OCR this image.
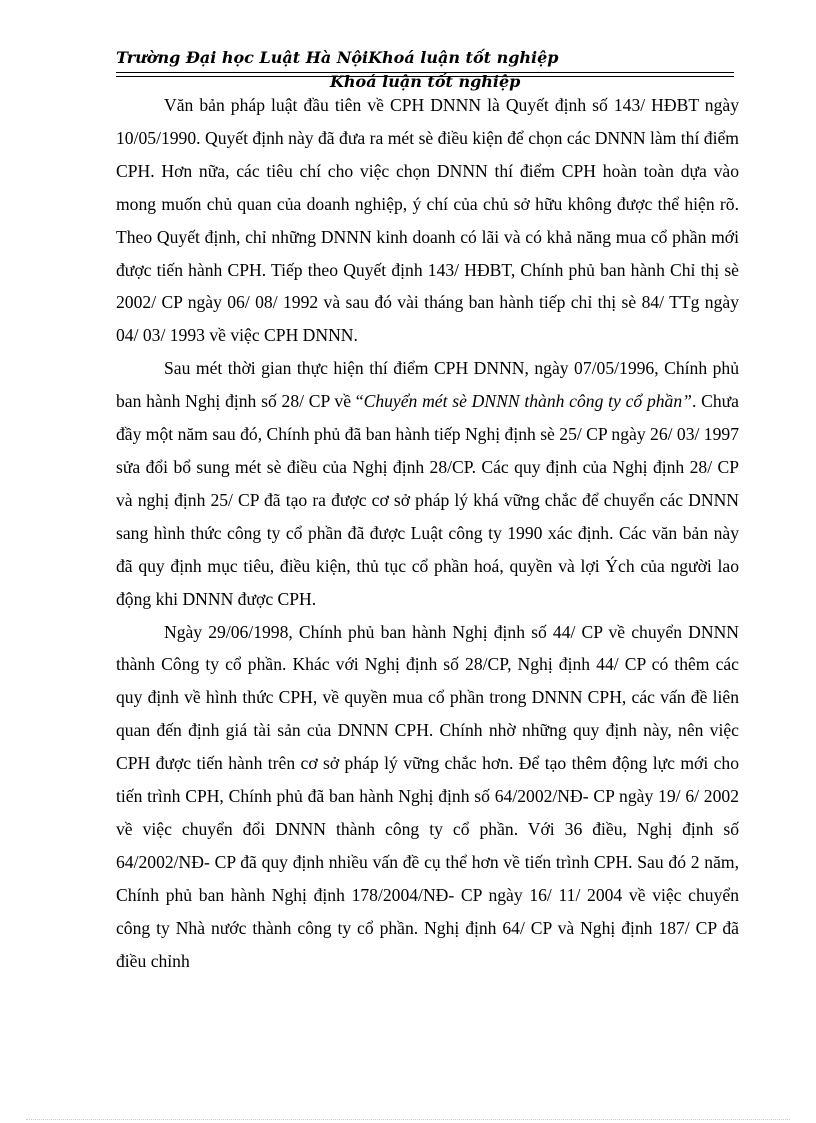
Trường Đại học Luật Hà NộiKhoá luận tốt nghiệp
Khoá luận tốt nghiệp

Văn bản pháp luật đầu tiên về CPH DNNN là Quyết định số 143/ HĐBT ngày 10/05/1990. Quyết định này đã đưa ra mét sè điều kiện để chọn các DNNN làm thí điểm CPH. Hơn nữa, các tiêu chí cho việc chọn DNNN thí điểm CPH hoàn toàn dựa vào mong muốn chủ quan của doanh nghiệp, ý chí của chủ sở hữu không được thể hiện rõ. Theo Quyết định, chỉ những DNNN kinh doanh có lãi và có khả năng mua cổ phần mới được tiến hành CPH. Tiếp theo Quyết định 143/ HĐBT, Chính phủ ban hành Chỉ thị sè 2002/ CP ngày 06/ 08/ 1992 và sau đó vài tháng ban hành tiếp chỉ thị sè 84/ TTg ngày 04/ 03/ 1993 về việc CPH DNNN.

Sau mét thời gian thực hiện thí điểm CPH DNNN, ngày 07/05/1996, Chính phủ ban hành Nghị định số 28/ CP về “Chuyển mét sè DNNN thành công ty cổ phần”. Chưa đầy một năm sau đó, Chính phủ đã ban hành tiếp Nghị định sè 25/ CP ngày 26/ 03/ 1997 sửa đổi bổ sung mét sè điều của Nghị định 28/CP. Các quy định của Nghị định 28/ CP và nghị định 25/ CP đã tạo ra được cơ sở pháp lý khá vững chắc để chuyển các DNNN sang hình thức công ty cổ phần đã được Luật công ty 1990 xác định. Các văn bản này đã quy định mục tiêu, điều kiện, thủ tục cổ phần hoá, quyền và lợi Ých của người lao động khi DNNN được CPH.

Ngày 29/06/1998, Chính phủ ban hành Nghị định số 44/ CP về chuyển DNNN thành Công ty cổ phần. Khác với Nghị định số 28/CP, Nghị định 44/ CP có thêm các quy định về hình thức CPH, về quyền mua cổ phần trong DNNN CPH, các vấn đề liên quan đến định giá tài sản của DNNN CPH. Chính nhờ những quy định này, nên việc CPH được tiến hành trên cơ sở pháp lý vững chắc hơn. Để tạo thêm động lực mới cho tiến trình CPH, Chính phủ đã ban hành Nghị định số 64/2002/NĐ- CP ngày 19/ 6/ 2002 về việc chuyển đổi DNNN thành công ty cổ phần. Với 36 điều, Nghị định số 64/2002/NĐ- CP đã quy định nhiều vấn đề cụ thể hơn về tiến trình CPH. Sau đó 2 năm, Chính phủ ban hành Nghị định 178/2004/NĐ- CP ngày 16/ 11/ 2004 về việc chuyển công ty Nhà nước thành công ty cổ phần. Nghị định 64/ CP và Nghị định 187/ CP đã điều chỉnh
